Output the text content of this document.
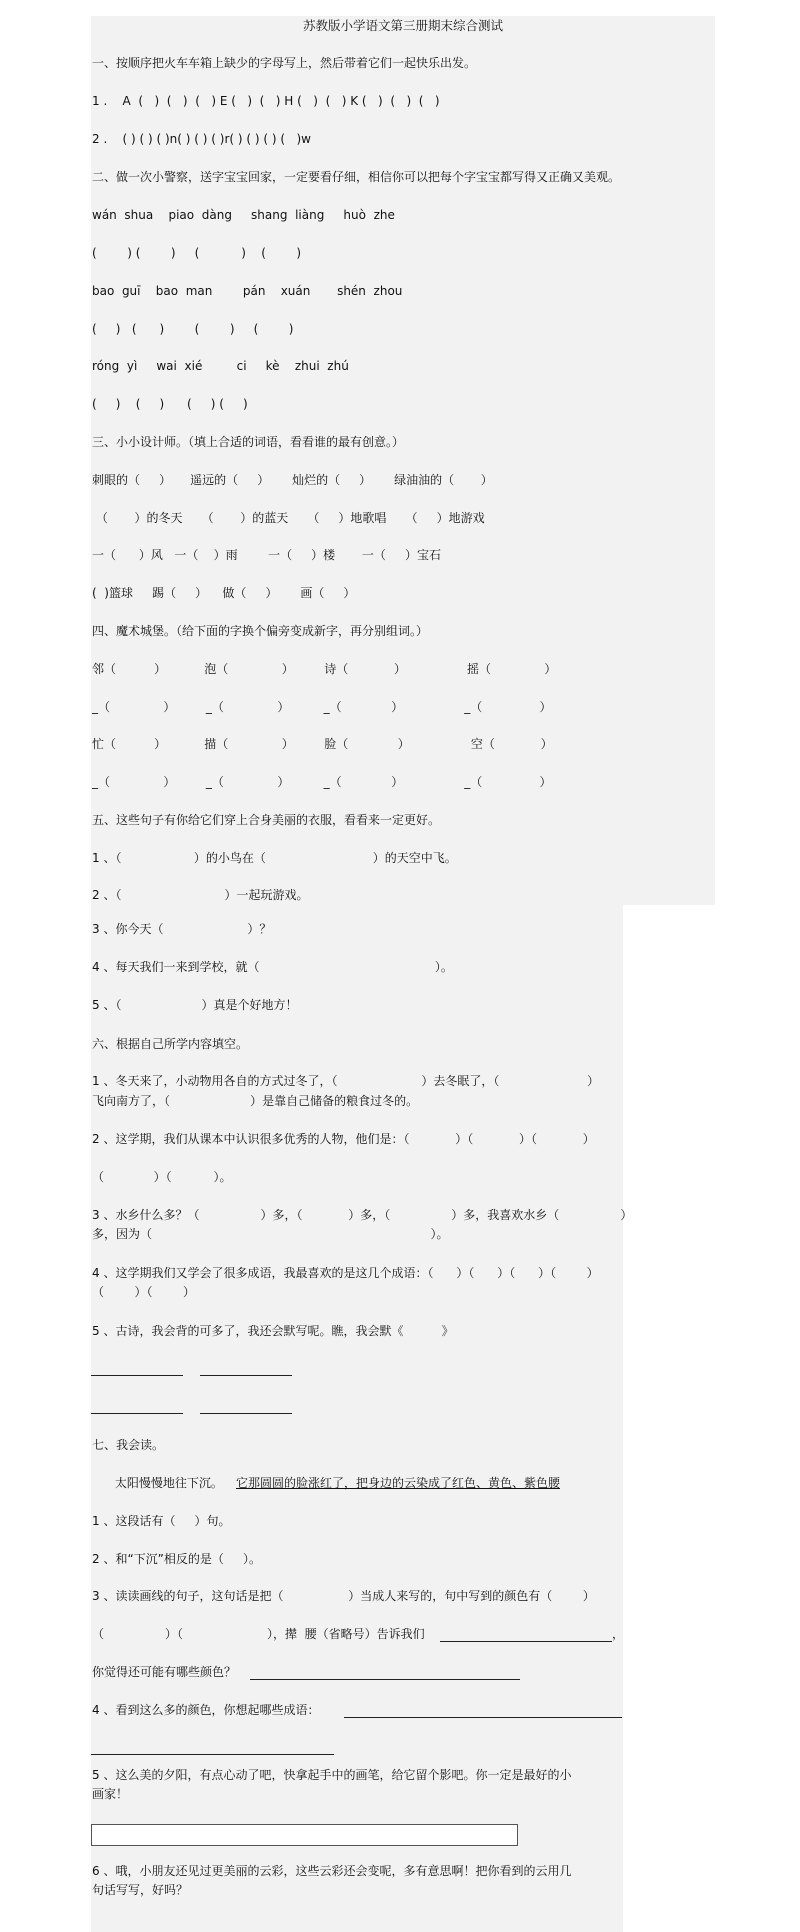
苏教版小学语文第三册期末综合测试
一、按顺序把火车车箱上缺少的字母写上，然后带着它们一起快乐出发。
1 .    A  (   )  (   )  (   ) E (   )  (   ) H (   )  (   ) K (   )  (   )  (   )
2 .    ( ) ( ) ( )n( ) ( ) ( )r( ) ( ) ( ) (   )w
二、做一次小警察，送字宝宝回家，一定要看仔细，相信你可以把每个字宝宝都写得又正确又美观。
wán  shua    piao  dàng     shang  liàng     huò  zhe
(        ) (        )     (           )    (        )
bao  guī    bao  man        pán    xuán       shén  zhou
(     )   (      )        (        )     (        )
róng  yì     wai  xié         ci     kè    zhui  zhú
(     )    (     )      (     ) (     )
三、小小设计师。（填上合适的词语，看看谁的最有创意。）
刺眼的（     ）     遥远的（     ）      灿烂的（     ）      绿油油的（       ）
（       ）的冬天     （       ）的蓝天     （     ）地歌唱     （     ）地游戏
一（      ）风   一（    ）雨        一（     ）楼       一（     ）宝石
(  )篮球     踢（     ）    做（     ）      画（     ）
四、魔术城堡。（给下面的字换个偏旁变成新字，再分别组词。）
邻（          ）          泡（              ）        诗（            ）                摇（              ）
_（              ）        _（              ）         _（             ）                _（               ）
忙（          ）          描（              ）        脸（             ）                空（            ）
_（              ）        _（              ）         _（             ）                _（               ）
五、这些句子有你给它们穿上合身美丽的衣服，看看来一定更好。
1 、（                   ）的小鸟在（                            ）的天空中飞。
2 、（                           ）一起玩游戏。
3 、你今天（                      ）？
4 、每天我们一来到学校，就（                                              ）。
5 、（                     ）真是个好地方！
六、根据自己所学内容填空。
1 、冬天来了，小动物用各自的方式过冬了，（                      ）去冬眠了，（                       ）
飞向南方了，（                     ）是靠自己储备的粮食过冬的。
2 、这学期，我们从课本中认识很多优秀的人物，他们是：（            ）（            ）（            ）
（             ）（           ）。
3 、水乡什么多？（                ）多，（            ）多，（                ）多，我喜欢水乡（                ）
多，因为（                                                                         ）。
4 、这学期我们又学会了很多成语，我最喜欢的是这几个成语：（      ）（      ）（      ）（        ）
（        ）（        ）
5 、古诗，我会背的可多了，我还会默写呢。瞧，我会默《          》
七、我会读。
太阳慢慢地往下沉。 它那圆圆的脸涨红了，把身边的云染成了红色、黄色、紫色腰
1 、这段话有（     ）句。
2 、和“下沉”相反的是（     ）。
3 、读读画线的句子，这句话是把（                 ）当成人来写的，句中写到的颜色有（        ）
（                ）（                      ），撵  腰（省略号）告诉我们	，
你觉得还可能有哪些颜色？
4 、看到这么多的颜色，你想起哪些成语：
5 、这么美的夕阳，有点心动了吧，快拿起手中的画笔，给它留个影吧。你一定是最好的小
画家！
6 、哦，小朋友还见过更美丽的云彩，这些云彩还会变呢，多有意思啊！把你看到的云用几
句话写写，好吗？
